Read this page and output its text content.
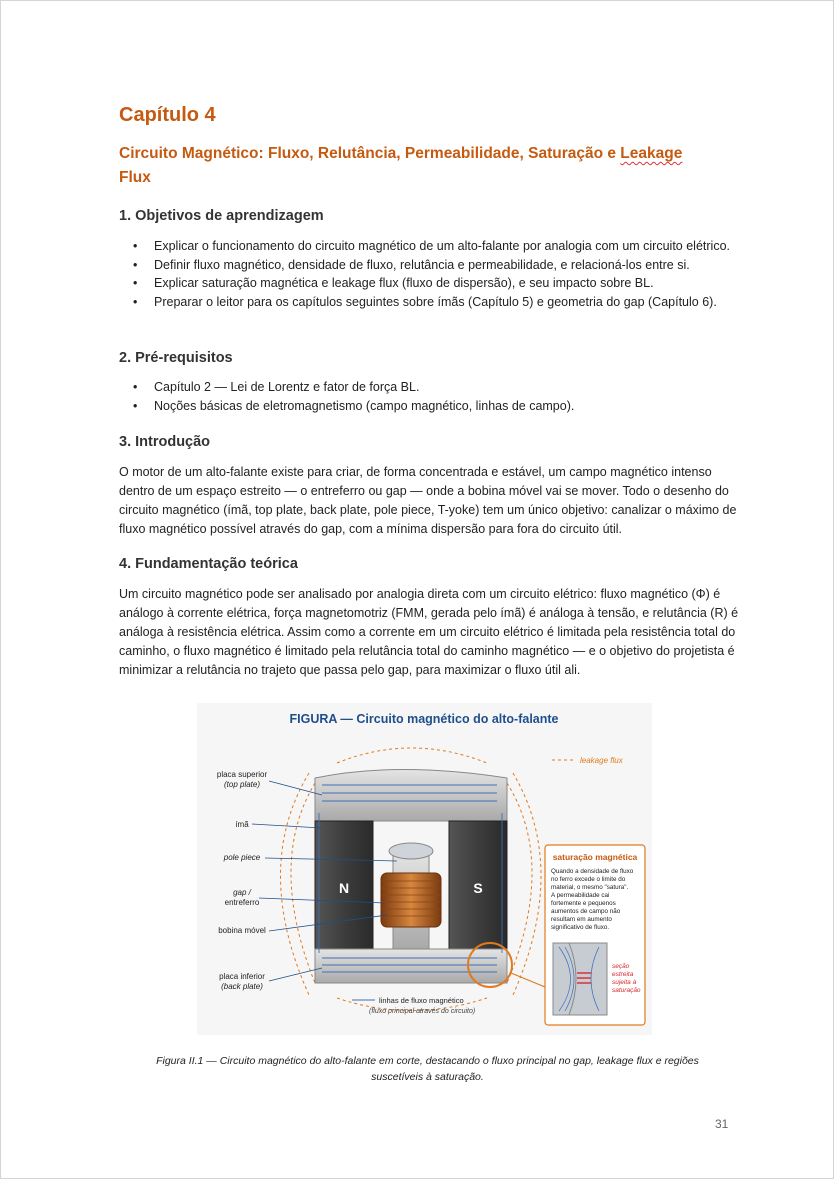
Capítulo 4
Circuito Magnético: Fluxo, Relutância, Permeabilidade, Saturação e Leakage
Flux
1. Objetivos de aprendizagem
• Explicar o funcionamento do circuito magnético de um alto-falante por analogia com um circuito elétrico.
• Definir fluxo magnético, densidade de fluxo, relutância e permeabilidade, e relacioná-los entre si.
• Explicar saturação magnética e leakage flux (fluxo de dispersão), e seu impacto sobre BL.
• Preparar o leitor para os capítulos seguintes sobre ímãs (Capítulo 5) e geometria do gap (Capítulo 6).
2. Pré-requisitos
• Capítulo 2 — Lei de Lorentz e fator de força BL.
• Noções básicas de eletromagnetismo (campo magnético, linhas de campo).
3. Introdução

O motor de um alto-falante existe para criar, de forma concentrada e estável, um campo magnético intenso dentro de um espaço estreito — o entreferro ou gap — onde a bobina móvel vai se mover. Todo o desenho do circuito magnético (ímã, top plate, back plate, pole piece, T-yoke) tem um único objetivo: canalizar o máximo de fluxo magnético possível através do gap, com a mínima dispersão para fora do circuito útil.

4. Fundamentação teórica

Um circuito magnético pode ser analisado por analogia direta com um circuito elétrico: fluxo magnético (Φ) é análogo à corrente elétrica, força magnetomotriz (FMM, gerada pelo ímã) é análoga à tensão, e relutância (R) é análoga à resistência elétrica. Assim como a corrente em um circuito elétrico é limitada pela resistência total do caminho, o fluxo magnético é limitado pela relutância total do caminho magnético — e o objetivo do projetista é minimizar a relutância no trajeto que passa pelo gap, para maximizar o fluxo útil ali.

FIGURA — Circuito magnético do alto-falante
N	S
leakage flux
placa superior
(top plate)
ímã
pole piece
gap /
entreferro
bobina móvel
placa inferior
(back plate)
linhas de fluxo magnético
(fluxo principal através do circuito)
saturação magnética
Quando a densidade de fluxo
no ferro excede o limite do
material, o mesmo "satura".
A permeabilidade cai
fortemente e pequenos
aumentos de campo não
resultam em aumento
significativo de fluxo.
seção
estreita
sujeita à
saturação
Figura II.1 — Circuito magnético do alto-falante em corte, destacando o fluxo principal no gap, leakage flux e regiões suscetíveis à saturação.
31
